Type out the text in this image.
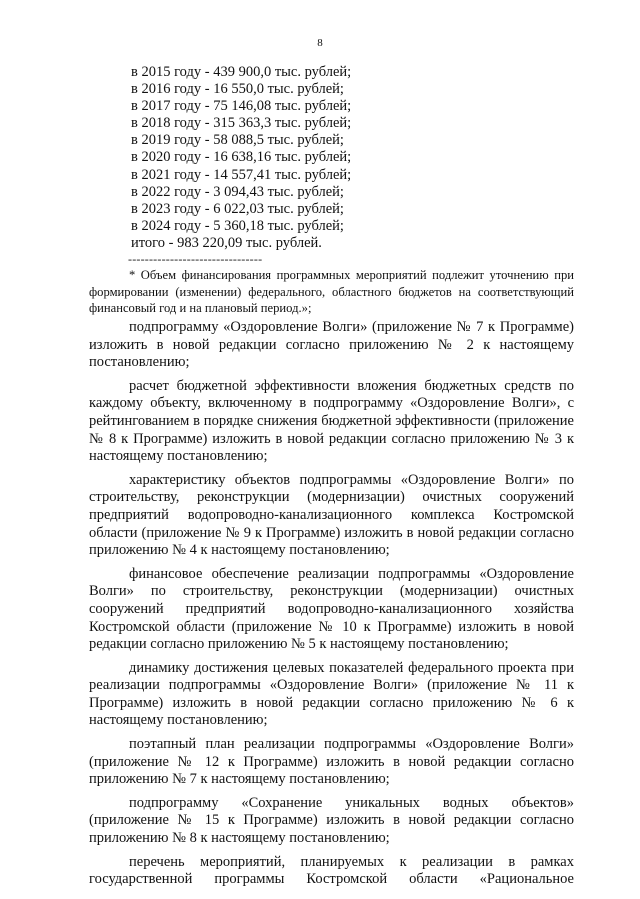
8
в 2015 году - 439 900,0 тыс. рублей;
в 2016 году - 16 550,0 тыс. рублей;
в 2017 году - 75 146,08 тыс. рублей;
в 2018 году - 315 363,3 тыс. рублей;
в 2019 году - 58 088,5 тыс. рублей;
в 2020 году - 16 638,16 тыс. рублей;
в 2021 году - 14 557,41 тыс. рублей;
в 2022 году - 3 094,43 тыс. рублей;
в 2023 году - 6 022,03 тыс. рублей;
в 2024 году - 5 360,18 тыс. рублей;
итого - 983 220,09 тыс. рублей.
--------------------------------
* Объем финансирования программных мероприятий подлежит уточнению при формировании (изменении) федерального, областного бюджетов на соответствующий финансовый год и на плановый период.»;

подпрограмму «Оздоровление Волги» (приложение № 7 к Программе) изложить в новой редакции согласно приложению № 2 к настоящему постановлению;

расчет бюджетной эффективности вложения бюджетных средств по каждому объекту, включенному в подпрограмму «Оздоровление Волги», с рейтингованием в порядке снижения бюджетной эффективности (приложение № 8 к Программе) изложить в новой редакции согласно приложению № 3 к настоящему постановлению;

характеристику объектов подпрограммы «Оздоровление Волги» по строительству, реконструкции (модернизации) очистных сооружений предприятий водопроводно-канализационного комплекса Костромской области (приложение № 9 к Программе) изложить в новой редакции согласно приложению № 4 к настоящему постановлению;

финансовое обеспечение реализации подпрограммы «Оздоровление Волги» по строительству, реконструкции (модернизации) очистных сооружений предприятий водопроводно-канализационного хозяйства Костромской области (приложение № 10 к Программе) изложить в новой редакции согласно приложению № 5 к настоящему постановлению;

динамику достижения целевых показателей федерального проекта при реализации подпрограммы «Оздоровление Волги» (приложение № 11 к Программе) изложить в новой редакции согласно приложению № 6 к настоящему постановлению;

поэтапный план реализации подпрограммы «Оздоровление Волги» (приложение № 12 к Программе) изложить в новой редакции согласно приложению № 7 к настоящему постановлению;

подпрограмму «Сохранение уникальных водных объектов» (приложение № 15 к Программе) изложить в новой редакции согласно приложению № 8 к настоящему постановлению;

перечень мероприятий, планируемых к реализации в рамках государственной программы Костромской области «Рациональное
